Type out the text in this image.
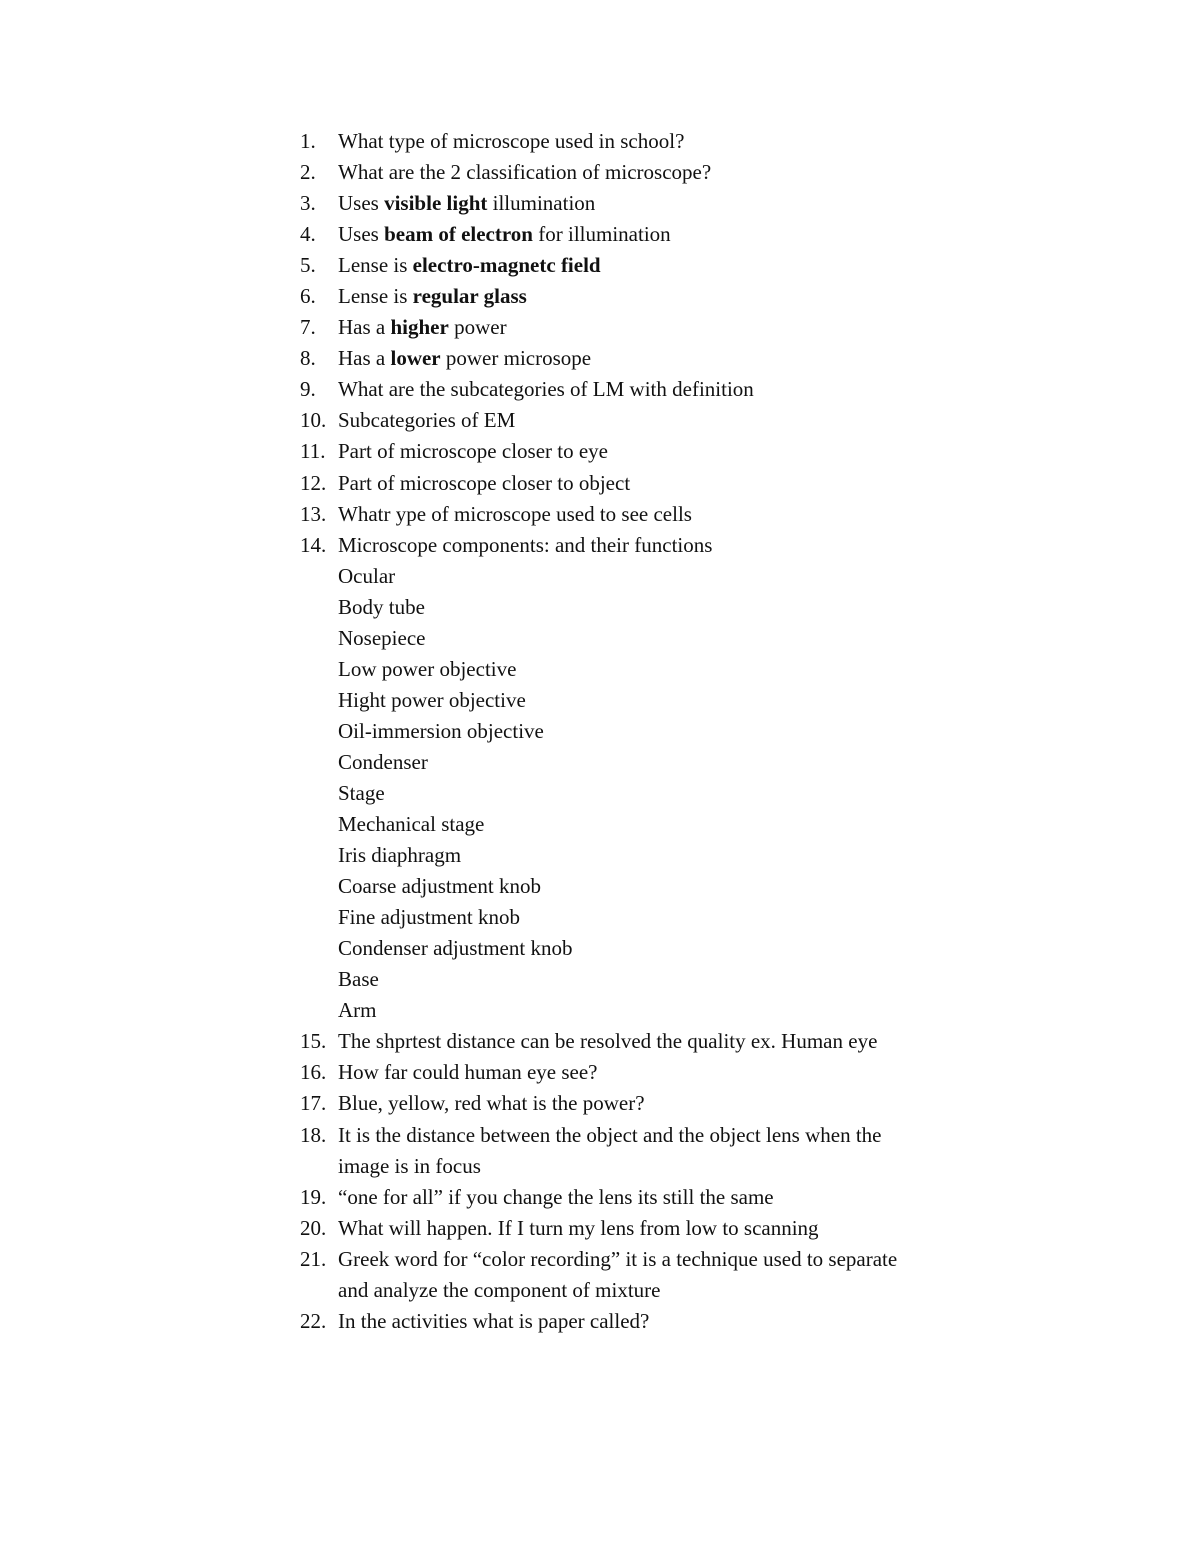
1.	What type of microscope used in school?
2.	What are the 2 classification of microscope?
3.	Uses visible light illumination
4.	Uses beam of electron for illumination
5.	Lense is electro-magnetc field
6.	Lense is regular glass
7.	Has a higher power
8.	Has a lower power microsope
9.	What are the subcategories of LM with definition
10. Subcategories of EM
11. Part of microscope closer to eye
12. Part of microscope closer to object
13. Whatr ype of microscope used to see cells
14. Microscope components: and their functions
Ocular
Body tube
Nosepiece
Low power objective
Hight power objective
Oil-immersion objective
Condenser
Stage
Mechanical stage
Iris diaphragm
Coarse adjustment knob
Fine adjustment knob
Condenser adjustment knob
Base
Arm
15. The shprtest distance can be resolved the quality ex. Human eye
16. How far could human eye see?
17. Blue, yellow, red what is the power?
18. It is the distance between the object and the object lens when the
image is in focus
19. “one for all” if you change the lens its still the same
20. What will happen. If I turn my lens from low to scanning
21. Greek word for “color recording” it is a technique used to separate
and analyze the component of mixture
22. In the activities what is paper called?
